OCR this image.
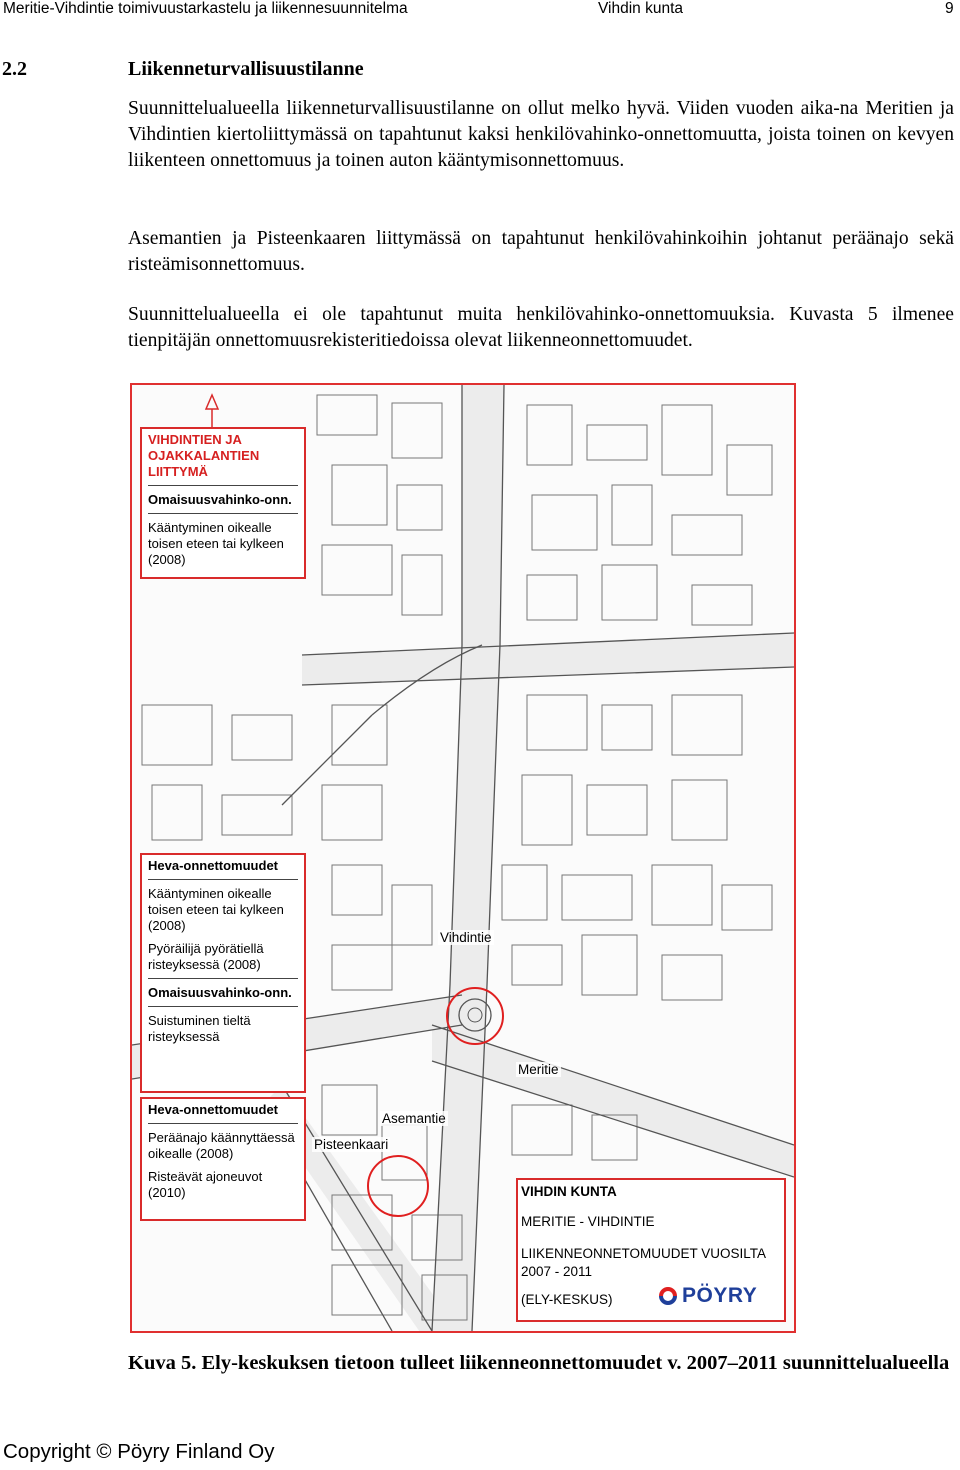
Meritie-Vihdintie toimivuustarkastelu ja liikennesuunnitelma	Vihdin kunta	9
2.2	Liikenneturvallisuustilanne

Suunnittelualueella liikenneturvallisuustilanne on ollut melko hyvä. Viiden vuoden aika-na Meritien ja Vihdintien kiertoliittymässä on tapahtunut kaksi henkilövahinko-onnettomuutta, joista toinen on kevyen liikenteen onnettomuus ja toinen auton kääntymisonnettomuus.

Asemantien ja Pisteenkaaren liittymässä on tapahtunut henkilövahinkoihin johtanut peräänajo sekä risteämisonnettomuus.

Suunnittelualueella ei ole tapahtunut muita henkilövahinko-onnettomuuksia. Kuvasta 5 ilmenee tienpitäjän onnettomuusrekisteritiedoissa olevat liikenneonnettomuudet.

VIHDINTIEN JA
OJAKKALANTIEN
LIITTYMÄ
Omaisuusvahinko-onn.
Kääntyminen oikealle
toisen eteen tai kylkeen
(2008)
Heva-onnettomuudet
Kääntyminen oikealle
toisen eteen tai kylkeen
(2008)
Pyöräilijä pyörätiellä
risteyksessä (2008)
Omaisuusvahinko-onn.
Suistuminen tieltä
risteyksessä
Heva-onnettomuudet
Peräänajo käännyttäessä
oikealle (2008)
Risteävät ajoneuvot
(2010)
Vihdintie
Meritie
Asemantie
Pisteenkaari
VIHDIN KUNTA
MERITIE - VIHDINTIE
LIIKENNEONNETOMUUDET VUOSILTA
2007 - 2011
(ELY-KESKUS)	PÖYRY

Kuva 5. Ely-keskuksen tietoon tulleet liikenneonnettomuudet v. 2007–2011 suunnittelualueella

Copyright © Pöyry Finland Oy
